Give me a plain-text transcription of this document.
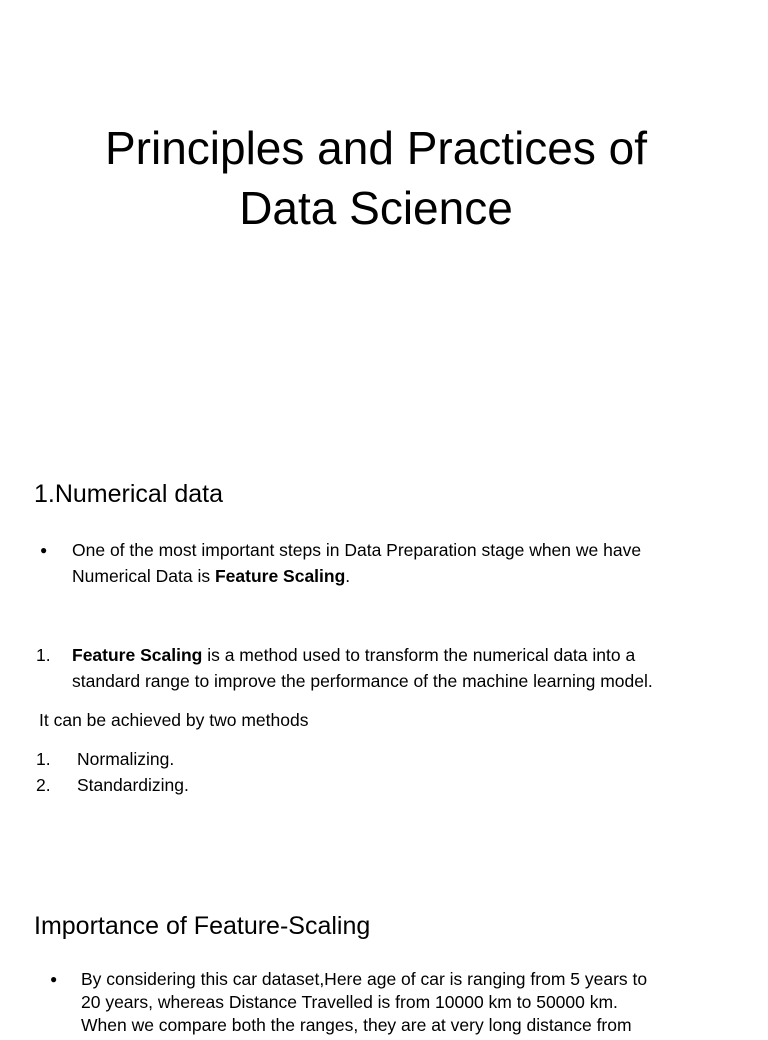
Principles and Practices of
Data Science
1.Numerical data
● One of the most important steps in Data Preparation stage when we have
Numerical Data is Feature Scaling.
1. Feature Scaling is a method used to transform the numerical data into a
standard range to improve the performance of the machine learning model.

It can be achieved by two methods

1. Normalizing.
2. Standardizing.
Importance of Feature-Scaling
● By considering this car dataset,Here age of car is ranging from 5 years to
20 years, whereas Distance Travelled is from 10000 km to 50000 km.
When we compare both the ranges, they are at very long distance from
